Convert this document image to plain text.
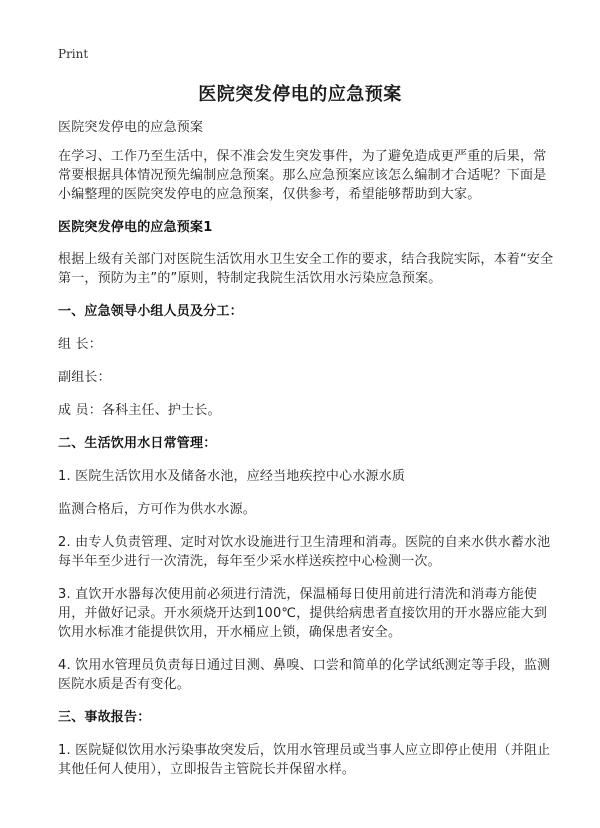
Print
医院突发停电的应急预案

医院突发停电的应急预案

在学习、工作乃至生活中，保不准会发生突发事件，为了避免造成更严重的后果，常常要根据具体情况预先编制应急预案。那么应急预案应该怎么编制才合适呢？下面是小编整理的医院突发停电的应急预案，仅供参考，希望能够帮助到大家。

医院突发停电的应急预案1

根据上级有关部门对医院生活饮用水卫生安全工作的要求，结合我院实际，本着“安全第一，预防为主”的”原则，特制定我院生活饮用水污染应急预案。

一、应急领导小组人员及分工：

组 长：

副组长：

成 员：各科主任、护士长。

二、生活饮用水日常管理：

1. 医院生活饮用水及储备水池，应经当地疾控中心水源水质

监测合格后，方可作为供水水源。

2. 由专人负责管理、定时对饮水设施进行卫生清理和消毒。医院的自来水供水蓄水池每半年至少进行一次清洗，每年至少采水样送疾控中心检测一次。

3. 直饮开水器每次使用前必须进行清洗，保温桶每日使用前进行清洗和消毒方能使用，并做好记录。开水须烧开达到100℃，提供给病患者直接饮用的开水器应能大到饮用水标准才能提供饮用，开水桶应上锁，确保患者安全。

4. 饮用水管理员负责每日通过目测、鼻嗅、口尝和简单的化学试纸测定等手段，监测医院水质是否有变化。

三、事故报告：

1. 医院疑似饮用水污染事故突发后，饮用水管理员或当事人应立即停止使用（并阻止其他任何人使用），立即报告主管院长并保留水样。
